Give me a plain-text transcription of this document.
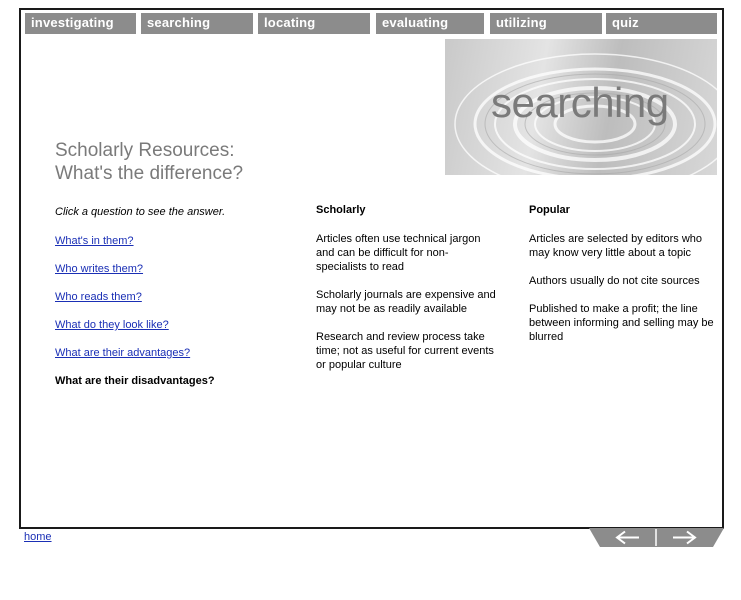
investigating	searching	locating	evaluating	utilizing	quiz
searching
Scholarly Resources:
What's the difference?
Click a question to see the answer.
What's in them?
Who writes them?
Who reads them?
What do they look like?
What are their advantages?
What are their disadvantages?
Scholarly
Articles often use technical jargon and can be difficult for non-specialists to read
Scholarly journals are expensive and may not be as readily available
Research and review process take time; not as useful for current events or popular culture
Popular
Articles are selected by editors who may know very little about a topic
Authors usually do not cite sources
Published to make a profit; the line between informing and selling may be blurred
home
